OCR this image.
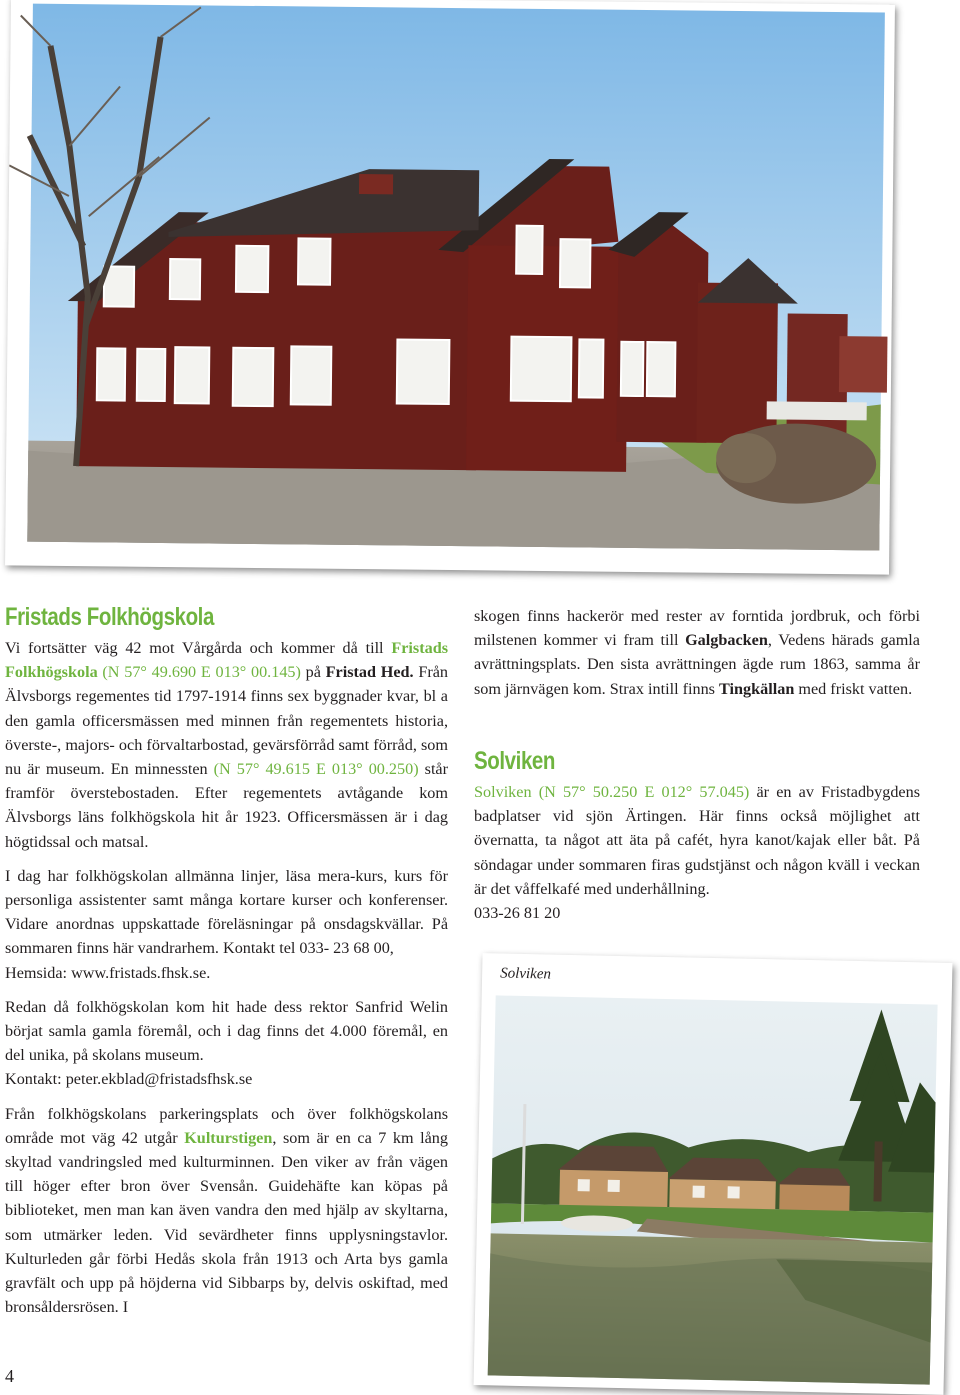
Fristads Folkhögskola

Vi fortsätter väg 42 mot Vårgårda och kommer då till Fristads Folkhögskola (N 57° 49.690 E 013° 00.145) på Fristad Hed. Från Älvsborgs regementes tid 1797-1914 finns sex byggnader kvar, bl a den gamla officersmässen med minnen från regementets historia, överste-, majors- och förvaltarbostad, gevärsförråd samt förråd, som nu är museum. En minnessten (N 57° 49.615 E 013° 00.250) står framför överstebostaden. Efter regementets avtågande kom Älvsborgs läns folkhögskola hit år 1923. Officersmässen är i dag högtidssal och matsal.

I dag har folkhögskolan allmänna linjer, läsa mera-kurs, kurs för personliga assistenter samt många kortare kurser och konferenser. Vidare anordnas uppskattade föreläsningar på onsdagskvällar. På sommaren finns här vandrarhem. Kontakt tel 033- 23 68 00,
Hemsida: www.fristads.fhsk.se.

Redan då folkhögskolan kom hit hade dess rektor Sanfrid Welin börjat samla gamla föremål, och i dag finns det 4.000 föremål, en del unika, på skolans museum.
Kontakt: peter.ekblad@fristadsfhsk.se

Från folkhögskolans parkeringsplats och över folkhögskolans område mot väg 42 utgår Kulturstigen, som är en ca 7 km lång skyltad vandringsled med kulturminnen. Den viker av från vägen till höger efter bron över Svensån. Guidehäfte kan köpas på biblioteket, men man kan även vandra den med hjälp av skyltarna, som utmärker leden. Vid sevärdheter finns upplysningstavlor. Kulturleden går förbi Hedås skola från 1913 och Arta bys gamla gravfält och upp på höjderna vid Sibbarps by, delvis oskiftad, med bronsåldersrösen. I

skogen finns hackerör med rester av forntida jordbruk, och förbi milstenen kommer vi fram till Galgbacken, Vedens härads gamla avrättningsplats. Den sista avrättningen ägde rum 1863, samma år som järnvägen kom. Strax intill finns Tingkällan med friskt vatten.

Solviken

Solviken (N 57° 50.250 E 012° 57.045) är en av Fristadbygdens badplatser vid sjön Ärtingen. Här finns också möjlighet att övernatta, ta något att äta på cafét, hyra kanot/kajak eller båt. På söndagar under sommaren firas gudstjänst och någon kväll i veckan är det våffelkafé med underhållning.
033-26 81 20

Solviken
4
